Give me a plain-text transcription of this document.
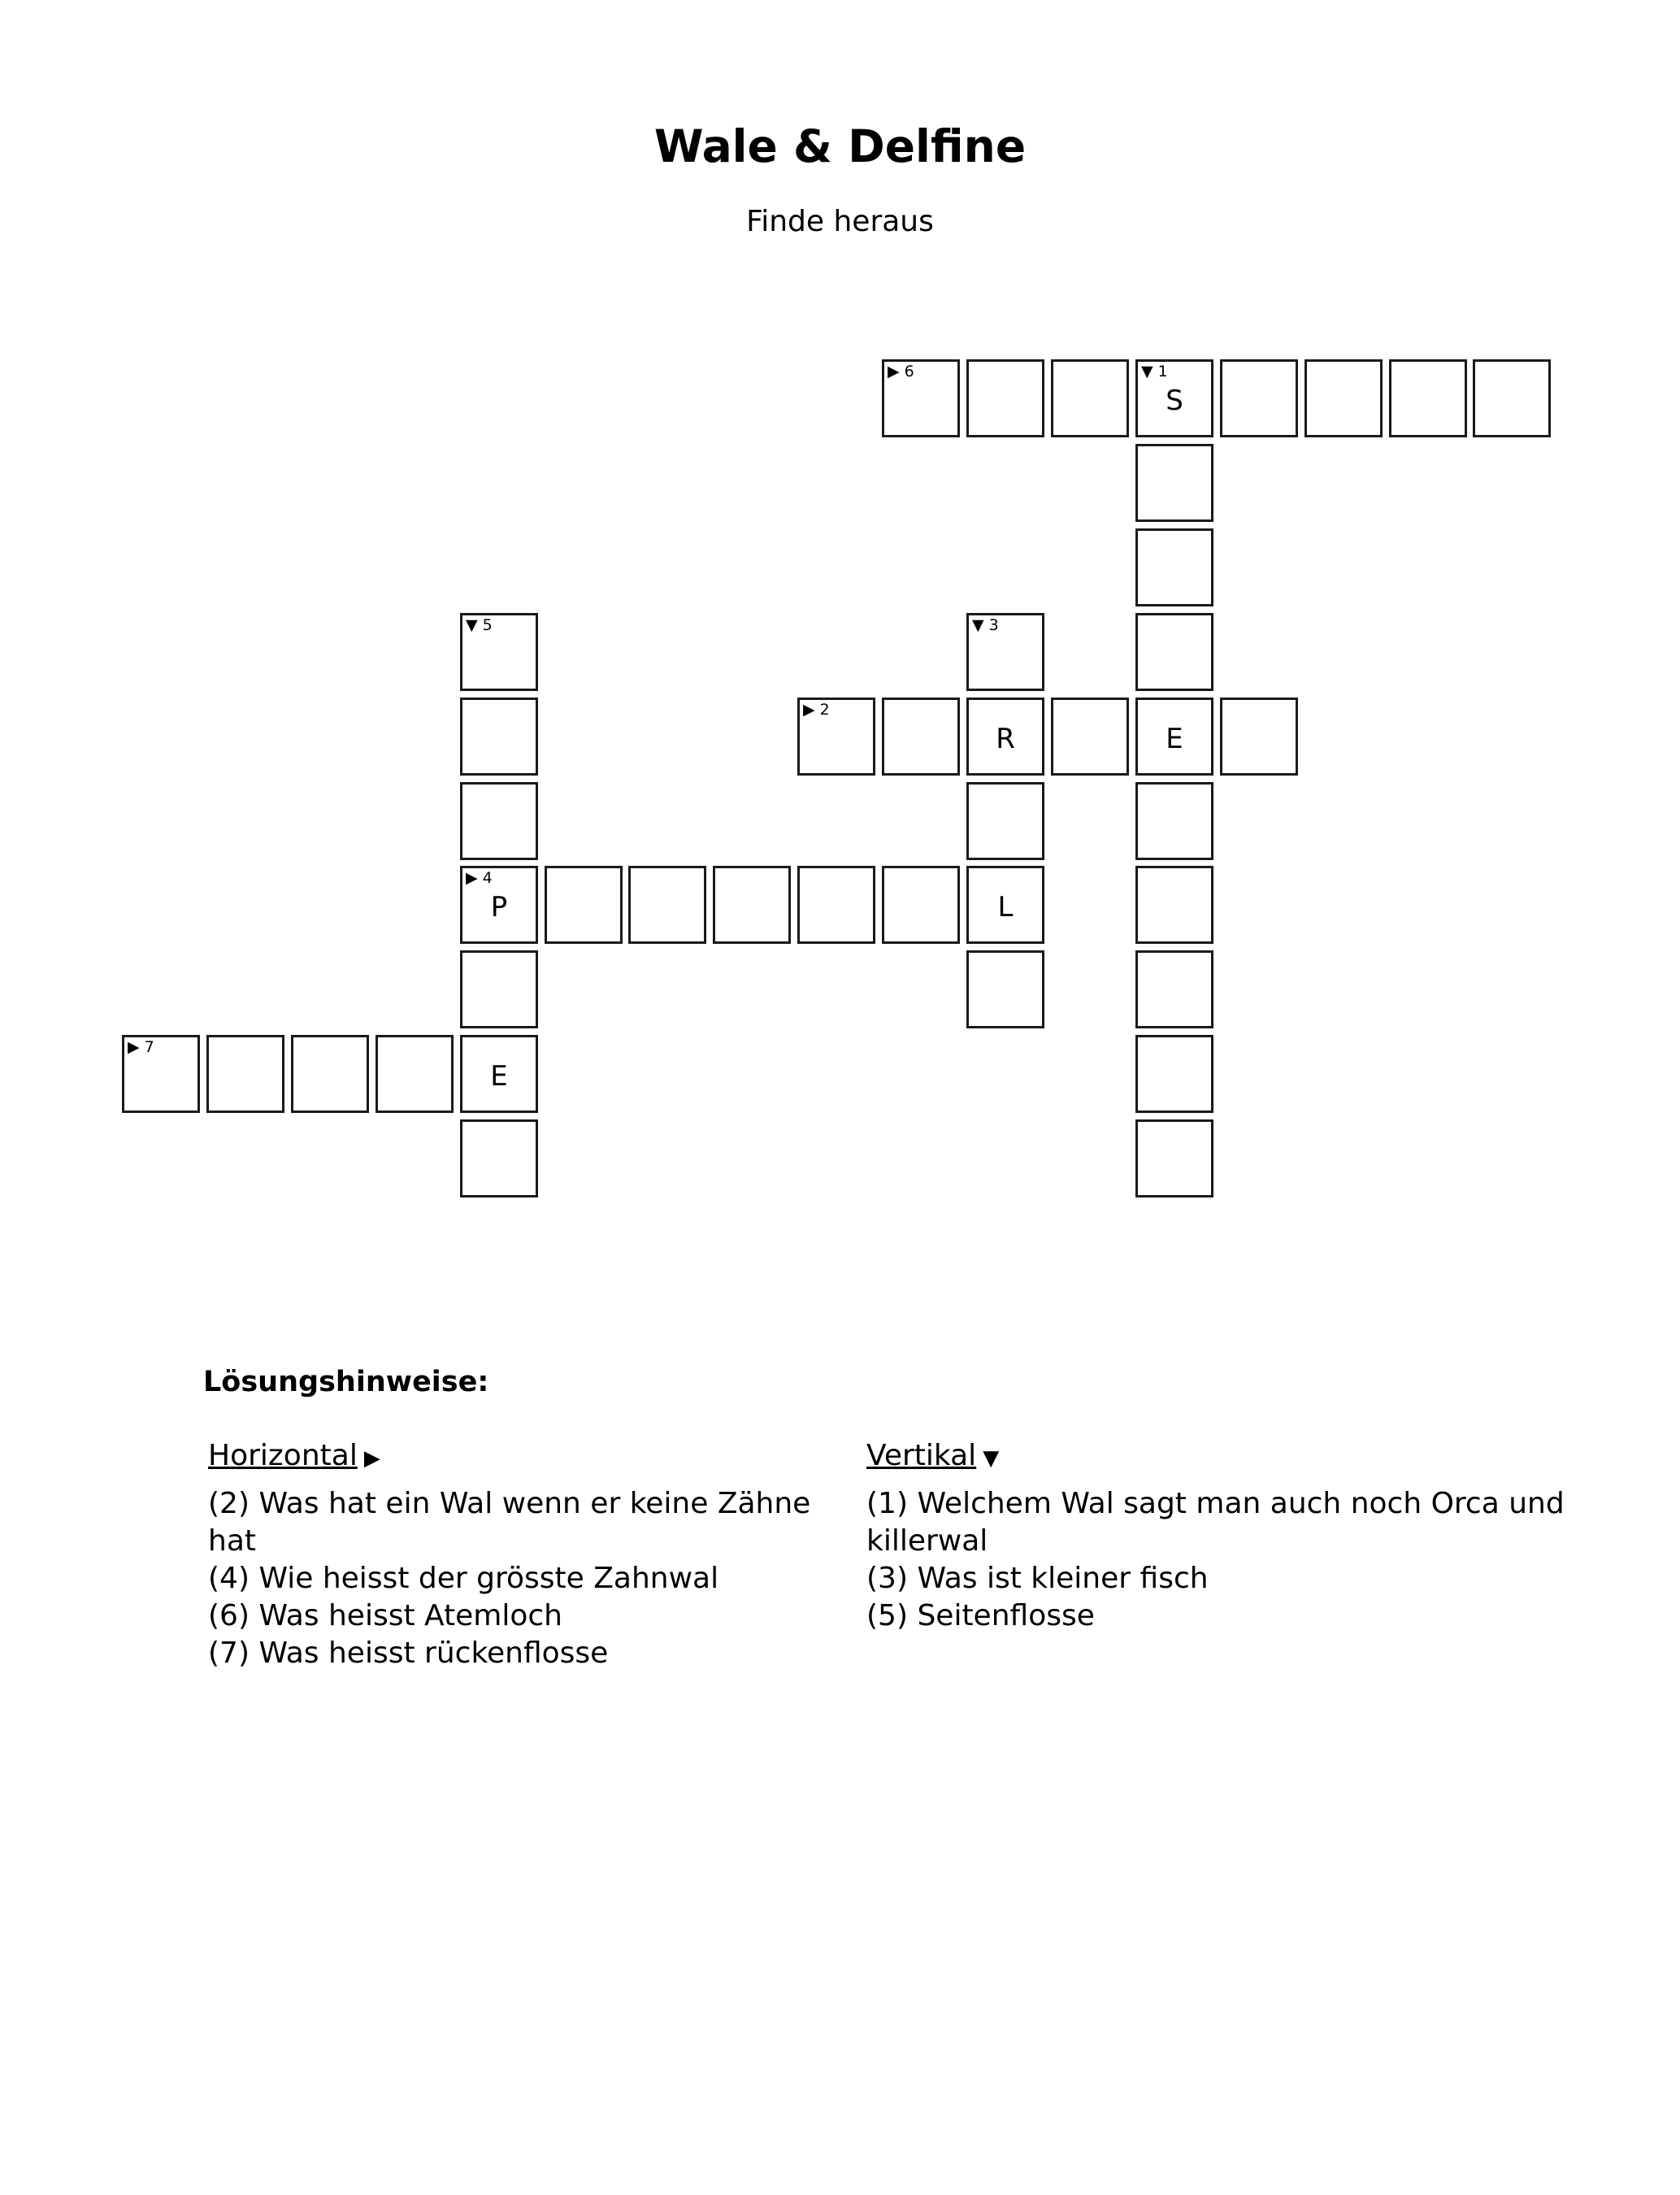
Wale & Delfine

Finde heraus

▶ 6	▼ 1
S
▼ 5	▼ 3
▶ 2
R	E
▶ 4
P	L
▶ 7
E
Lösungshinweise:
Horizontal ▶

(2) Was hat ein Wal wenn er keine Zähne hat

(4) Wie heisst der grösste Zahnwal

(6) Was heisst Atemloch

(7) Was heisst rückenflosse

Vertikal ▼

(1) Welchem Wal sagt man auch noch Orca und killerwal

(3) Was ist kleiner fisch

(5) Seitenflosse
